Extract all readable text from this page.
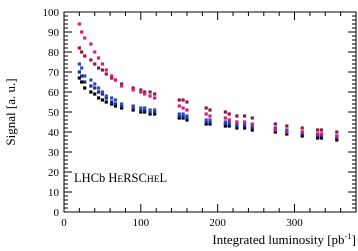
0	100	200	300
0
10
20
30
40
50
60
70
80
90
100
LHCb HERSCHEL
Integrated luminosity $[pb^{-1}]$
Signal [a. u.]
